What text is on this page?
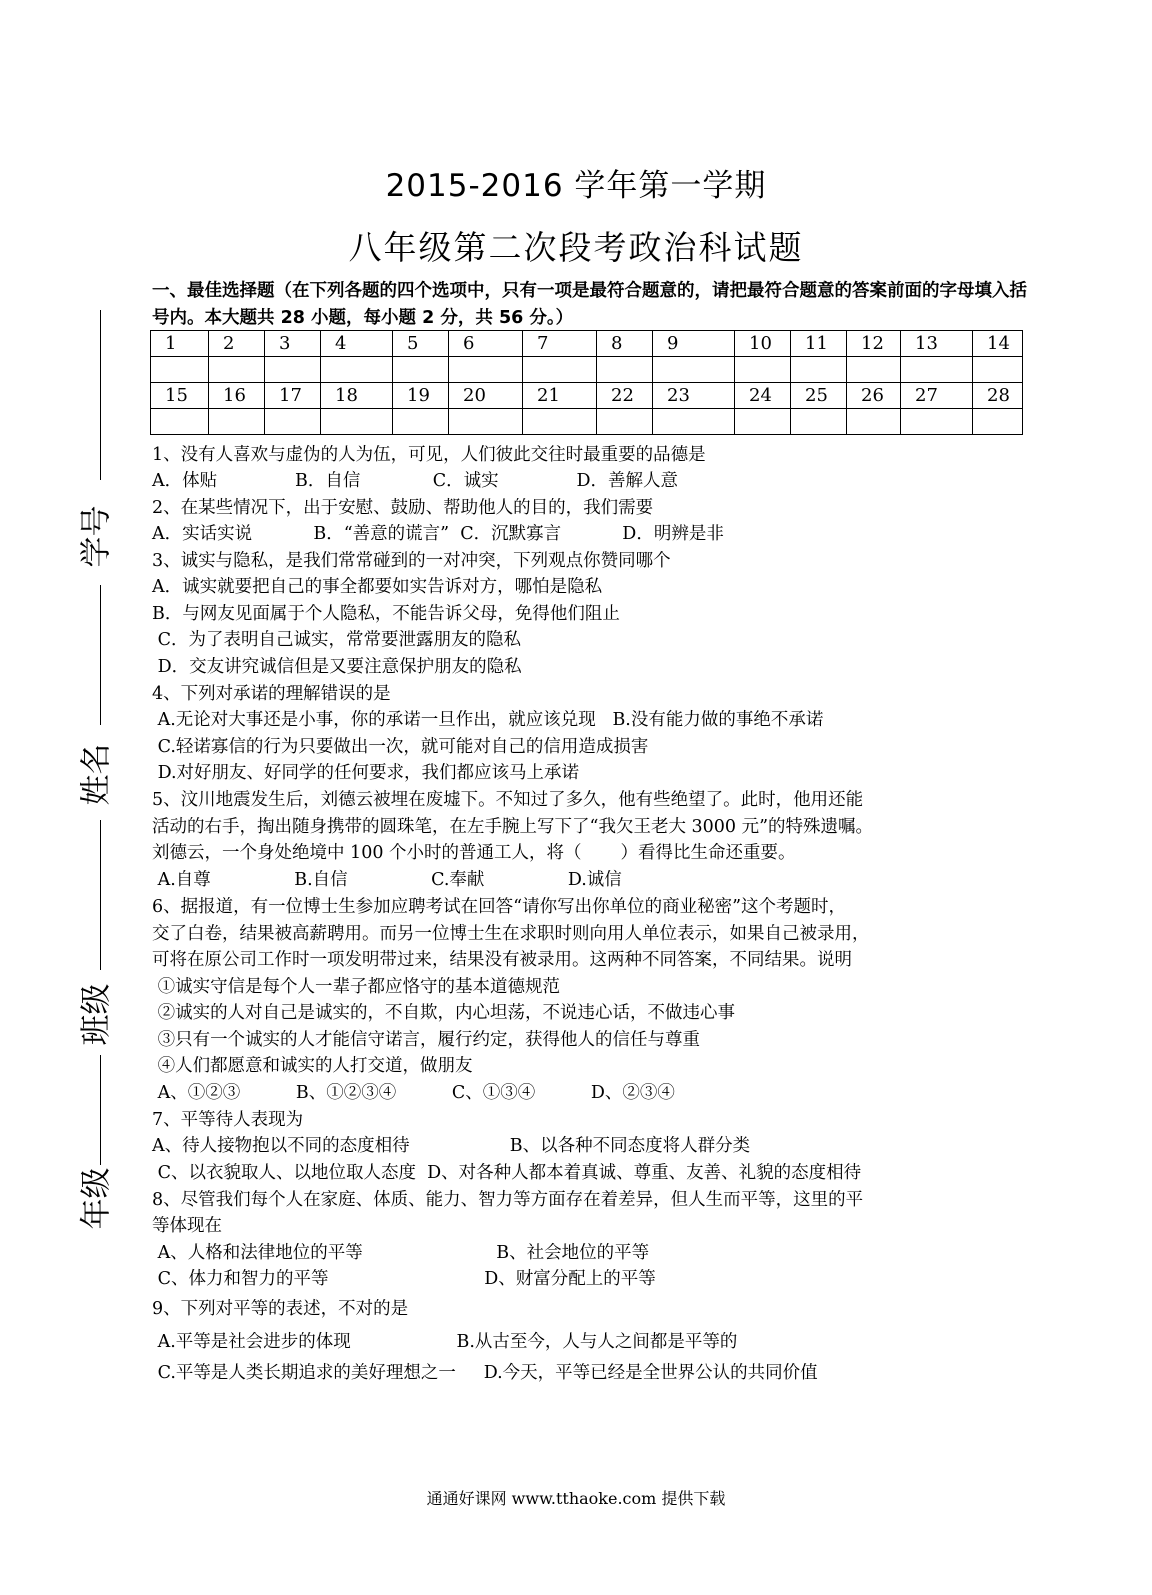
2015-2016 学年第一学期
八年级第二次段考政治科试题
一、最佳选择题（在下列各题的四个选项中，只有一项是最符合题意的，请把最符合题意的答案前面的字母填入括号内。本大题共 28 小题，每小题 2 分，共 56 分。）
1	2	3	4	5	6	7	8	9	10	11	12	13	14

15	16	17	18	19	20	21	22	23	24	25	26	27	28

学号
姓名
班级
年级
1、没有人喜欢与虚伪的人为伍，可见，人们彼此交往时最重要的品德是
A．体贴              B．自信             C．诚实              D．善解人意
2、在某些情况下，出于安慰、鼓励、帮助他人的目的，我们需要
A．实话实说           B．“善意的谎言”  C．沉默寡言           D．明辨是非
3、诚实与隐私，是我们常常碰到的一对冲突，下列观点你赞同哪个
A．诚实就要把自己的事全都要如实告诉对方，哪怕是隐私
B．与网友见面属于个人隐私，不能告诉父母，免得他们阻止
C．为了表明自己诚实，常常要泄露朋友的隐私
D．交友讲究诚信但是又要注意保护朋友的隐私
4、下列对承诺的理解错误的是
A.无论对大事还是小事，你的承诺一旦作出，就应该兑现   B.没有能力做的事绝不承诺
C.轻诺寡信的行为只要做出一次，就可能对自己的信用造成损害
D.对好朋友、好同学的任何要求，我们都应该马上承诺
5、汶川地震发生后，刘德云被埋在废墟下。不知过了多久，他有些绝望了。此时，他用还能
活动的右手，掏出随身携带的圆珠笔，在左手腕上写下了“我欠王老大 3000 元”的特殊遗嘱。
刘德云，一个身处绝境中 100 个小时的普通工人，将（       ）看得比生命还重要。
A.自尊               B.自信               C.奉献               D.诚信
6、据报道，有一位博士生参加应聘考试在回答“请你写出你单位的商业秘密”这个考题时，
交了白卷，结果被高薪聘用。而另一位博士生在求职时则向用人单位表示，如果自己被录用，
可将在原公司工作时一项发明带过来，结果没有被录用。这两种不同答案，不同结果。说明
①诚实守信是每个人一辈子都应恪守的基本道德规范
②诚实的人对自己是诚实的，不自欺，内心坦荡，不说违心话，不做违心事
③只有一个诚实的人才能信守诺言，履行约定，获得他人的信任与尊重
④人们都愿意和诚实的人打交道，做朋友
A、①②③          B、①②③④          C、①③④          D、②③④
7、平等待人表现为
A、待人接物抱以不同的态度相待                  B、以各种不同态度将人群分类
C、以衣貌取人、以地位取人态度  D、对各种人都本着真诚、尊重、友善、礼貌的态度相待
8、尽管我们每个人在家庭、体质、能力、智力等方面存在着差异，但人生而平等，这里的平
等体现在
A、人格和法律地位的平等                        B、社会地位的平等
C、体力和智力的平等                            D、财富分配上的平等
9、下列对平等的表述，不对的是
A.平等是社会进步的体现                   B.从古至今，人与人之间都是平等的
C.平等是人类长期追求的美好理想之一     D.今天，平等已经是全世界公认的共同价值
通通好课网 www.tthaoke.com 提供下载
